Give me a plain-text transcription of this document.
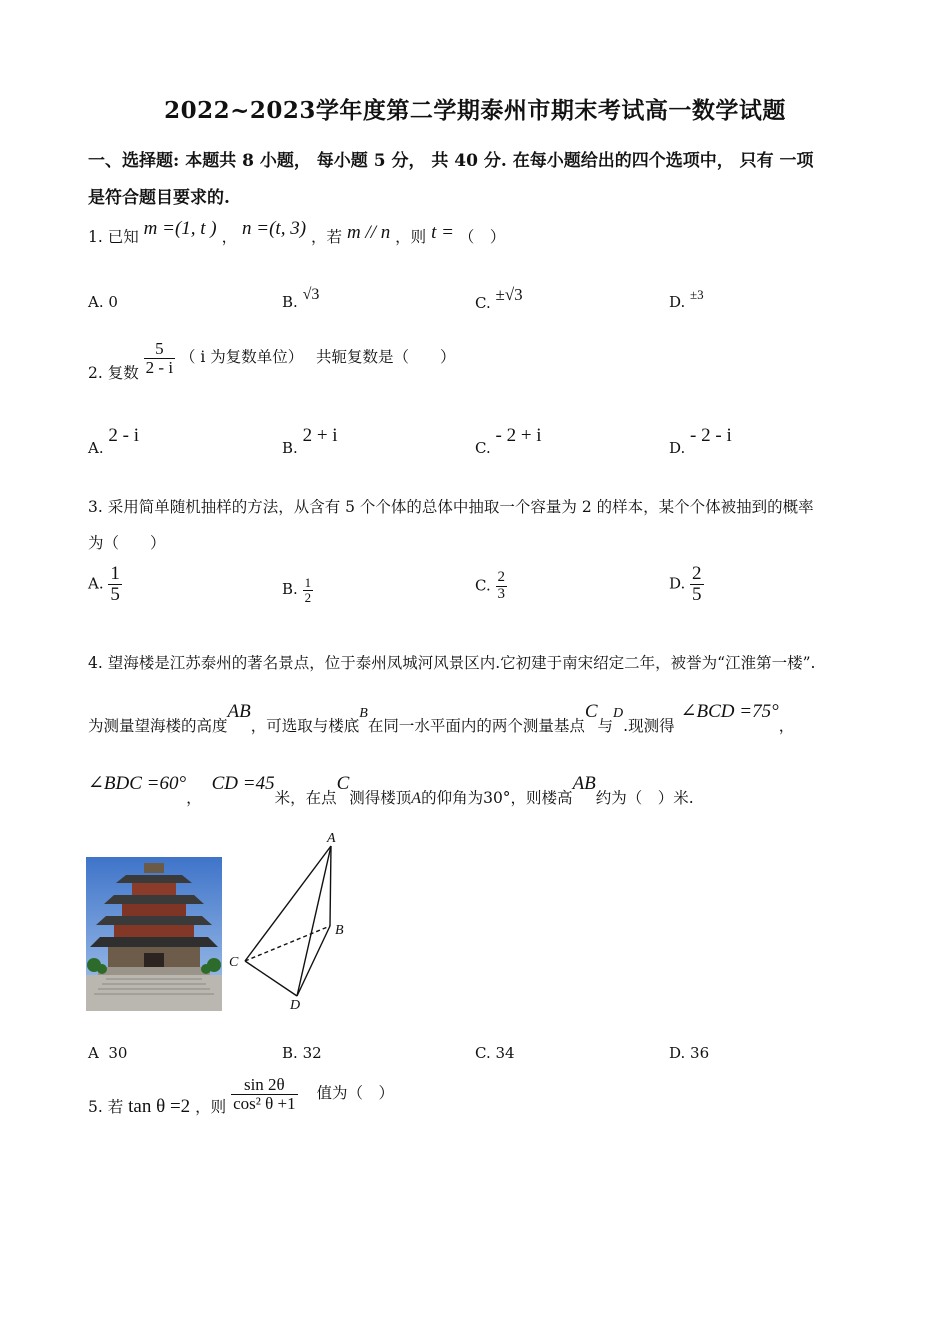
2022~2023学年度第二学期泰州市期末考试高一数学试题
一、选择题: 本题共 8 小题， 每小题 5 分， 共 40 分. 在每小题给出的四个选项中， 只有 一项
是符合题目要求的.
1. 已知 m =(1, t ) ， n =(t, 3) ，若 m // n ，则 t = （　）
A. 0	B. √3	C. ±√3	D. ±3
2. 复数 $\frac{5}{2 - i}$ （ i 为复数单位）　 共轭复数是（　　）
A. 2 - i
B. 2 + i
C. - 2 + i
D. - 2 - i
3. 采用简单随机抽样的方法，从含有 5 个个体的总体中抽取一个容量为 2 的样本，某个个体被抽到的概率
为（　　）
A. $\frac{1}{5}$	B. $\frac{1}{2}$	C. $\frac{2}{3}$	D. $\frac{2}{5}$
4. 望海楼是江苏泰州的著名景点，位于泰州凤城河风景区内.它初建于南宋绍定二年，被誉为“江淮第一楼”.
为测量望海楼的高度AB，可选取与楼底B在同一水平面内的两个测量基点C与D.现测得∠BCD =75°，
∠BDC =60°，CD =45米，在点C测得楼顶A的仰角为30°，则楼高AB约为（　）米.
A
B
C
D
A 30	B. 32	C. 34	D. 36
5. 若 tan θ =2 ，则 $\frac{\sin 2\theta}{\text{cos² θ +1}}$ 值为（　）
